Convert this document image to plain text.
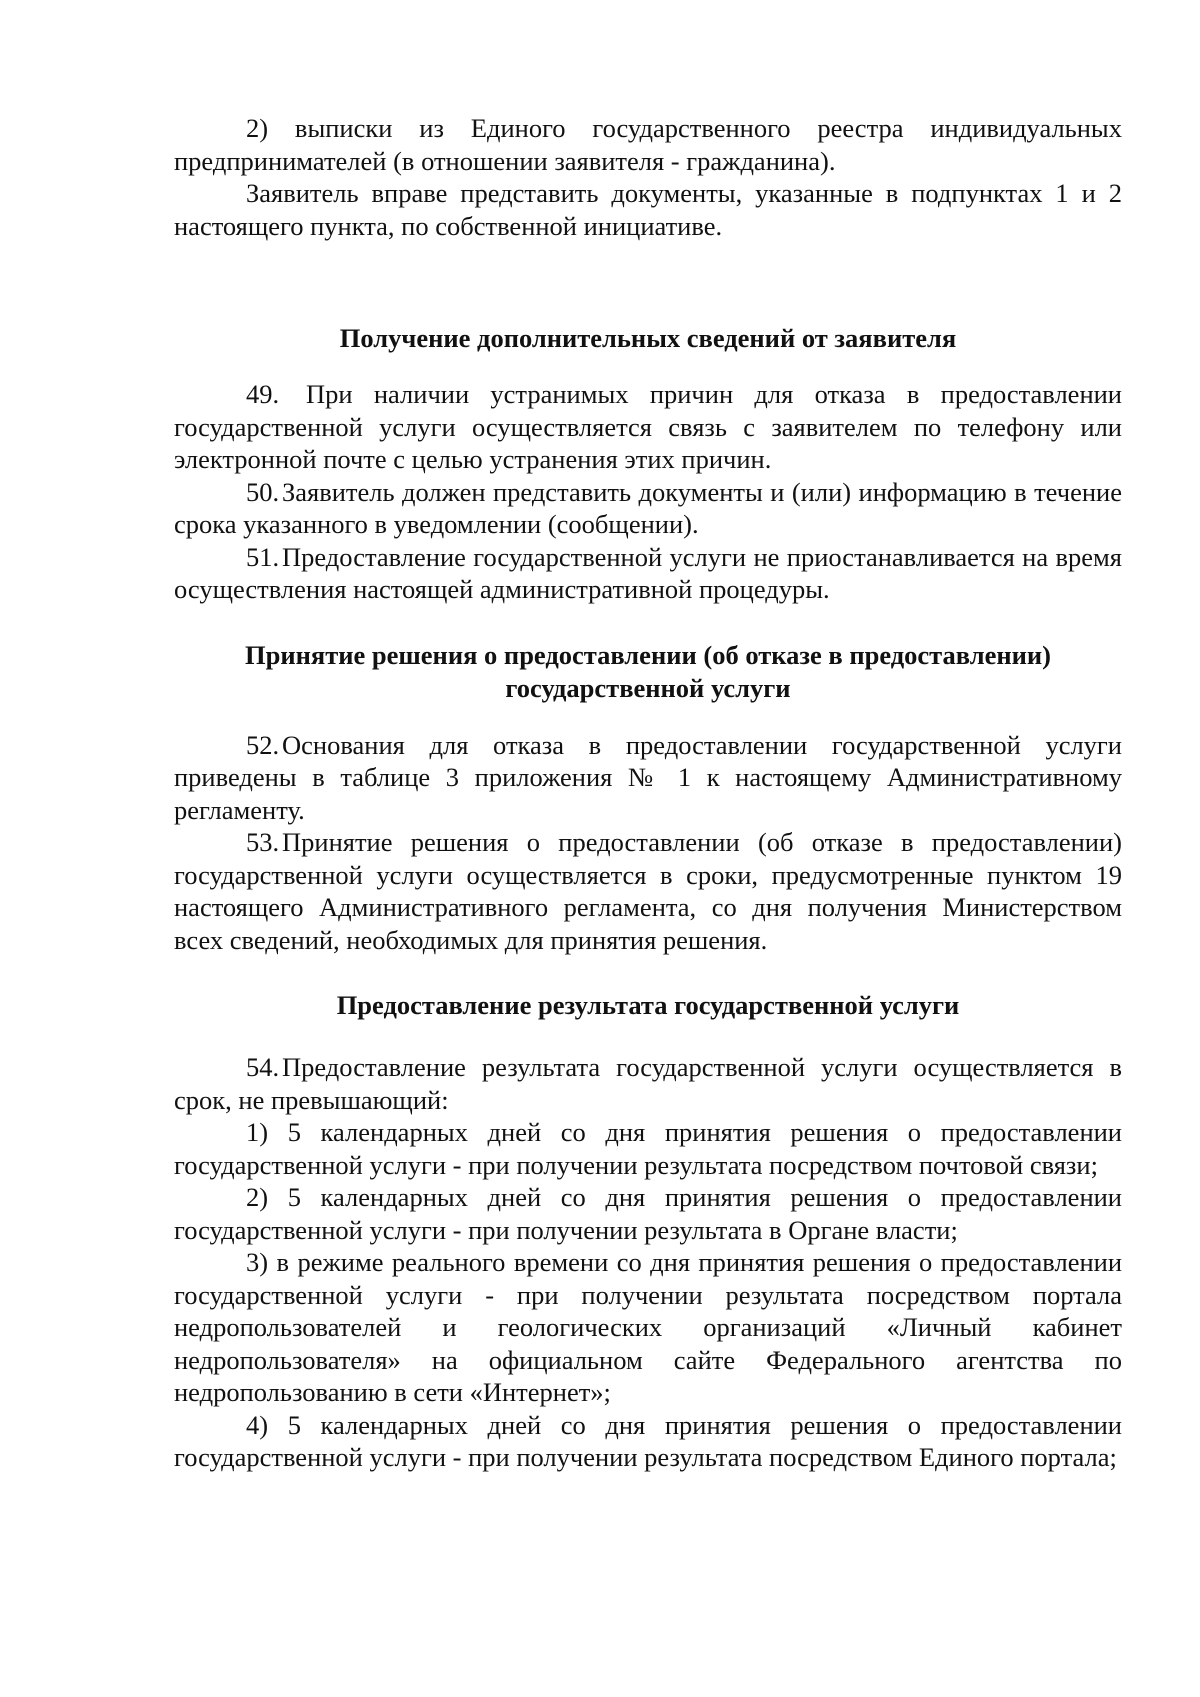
2) выписки из Единого государственного реестра индивидуальных предпринимателей (в отношении заявителя - гражданина).

Заявитель вправе представить документы, указанные в подпунктах 1 и 2 настоящего пункта, по собственной инициативе.

Получение дополнительных сведений от заявителя

49. При наличии устранимых причин для отказа в предоставлении государственной услуги осуществляется связь с заявителем по телефону или электронной почте с целью устранения этих причин.

50. Заявитель должен представить документы и (или) информацию в течение срока указанного в уведомлении (сообщении).

51. Предоставление государственной услуги не приостанавливается на время осуществления настоящей административной процедуры.

Принятие решения о предоставлении (об отказе в предоставлении)
государственной услуги

52. Основания для отказа в предоставлении государственной услуги приведены в таблице 3 приложения № 1 к настоящему Административному регламенту.

53. Принятие решения о предоставлении (об отказе в предоставлении) государственной услуги осуществляется в сроки, предусмотренные пунктом 19 настоящего Административного регламента, со дня получения Министерством всех сведений, необходимых для принятия решения.

Предоставление результата государственной услуги

54. Предоставление результата государственной услуги осуществляется в срок, не превышающий:

1) 5 календарных дней со дня принятия решения о предоставлении государственной услуги - при получении результата посредством почтовой связи;

2) 5 календарных дней со дня принятия решения о предоставлении государственной услуги - при получении результата в Органе власти;

3) в режиме реального времени со дня принятия решения о предоставлении государственной услуги - при получении результата посредством портала недропользователей и геологических организаций «Личный кабинет недропользователя» на официальном сайте Федерального агентства по недропользованию в сети «Интернет»;

4) 5 календарных дней со дня принятия решения о предоставлении государственной услуги - при получении результата посредством Единого портала;
